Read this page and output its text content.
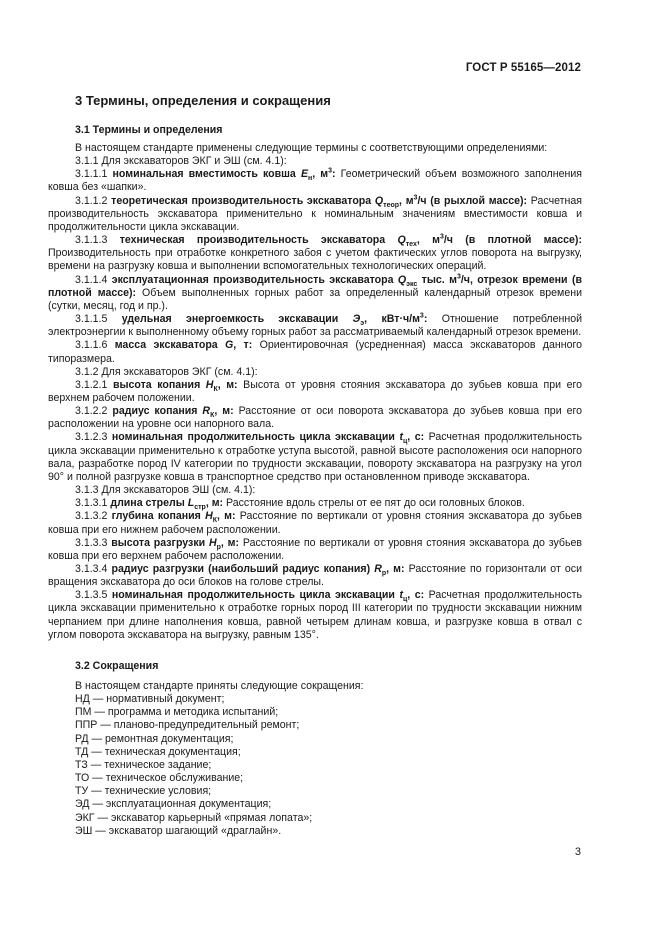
ГОСТ Р 55165—2012
3 Термины, определения и сокращения
3.1 Термины и определения

В настоящем стандарте применены следующие термины с соответствующими определениями:

3.1.1 Для экскаваторов ЭКГ и ЭШ (см. 4.1):

3.1.1.1 номинальная вместимость ковша $E_н$, $м^3$: Геометрический объем возможного заполнения ковша без «шапки».

3.1.1.2 теоретическая производительность экскаватора $Q_{теор}$, $м^3/ч$ (в рыхлой массе): Расчетная производительность экскаватора применительно к номинальным значениям вместимости ковша и продолжительности цикла экскавации.

3.1.1.3 техническая производительность экскаватора $Q_{тех}$, $м^3/ч$ (в плотной массе): Производительность при отработке конкретного забоя с учетом фактических углов поворота на выгрузку, времени на разгрузку ковша и выполнении вспомогательных технологических операций.

3.1.1.4 эксплуатационная производительность экскаватора $Q_{экс}$ тыс. $м^3/ч$, отрезок времени (в плотной массе): Объем выполненных горных работ за определенный календарный отрезок времени (сутки, месяц, год и пр.).

3.1.1.5 удельная энергоемкость экскавации $Э_э$, $кВт\cdot ч/м^3$: Отношение потребленной электроэнергии к выполненному объему горных работ за рассматриваемый календарный отрезок времени.

3.1.1.6 масса экскаватора G, т: Ориентировочная (усредненная) масса экскаваторов данного типоразмера.

3.1.2 Для экскаваторов ЭКГ (см. 4.1):

3.1.2.1 высота копания $H_К$, м: Высота от уровня стояния экскаватора до зубьев ковша при его верхнем рабочем положении.

3.1.2.2 радиус копания $R_К$, м: Расстояние от оси поворота экскаватора до зубьев ковша при его расположении на уровне оси напорного вала.

3.1.2.3 номинальная продолжительность цикла экскавации $t_ц$, с: Расчетная продолжительность цикла экскавации применительно к отработке уступа высотой, равной высоте расположения оси напорного вала, разработке пород IV категории по трудности экскавации, повороту экскаватора на разгрузку на угол 90° и полной разгрузке ковша в транспортное средство при остановленном приводе экскаватора.

3.1.3 Для экскаваторов ЭШ (см. 4.1):

3.1.3.1 длина стрелы $L_{стр}$, м: Расстояние вдоль стрелы от ее пят до оси головных блоков.

3.1.3.2 глубина копания $H_К$, м: Расстояние по вертикали от уровня стояния экскаватора до зубьев ковша при его нижнем рабочем расположении.

3.1.3.3 высота разгрузки $H_р$, м: Расстояние по вертикали от уровня стояния экскаватора до зубьев ковша при его верхнем рабочем расположении.

3.1.3.4 радиус разгрузки (наибольший радиус копания) $R_р$, м: Расстояние по горизонтали от оси вращения экскаватора до оси блоков на голове стрелы.

3.1.3.5 номинальная продолжительность цикла экскавации $t_ц$, с: Расчетная продолжительность цикла экскавации применительно к отработке горных пород III категории по трудности экскавации нижним черпанием при длине наполнения ковша, равной четырем длинам ковша, и разгрузке ковша в отвал с углом поворота экскаватора на выгрузку, равным 135°.

3.2 Сокращения

В настоящем стандарте приняты следующие сокращения:

НД — нормативный документ;
ПМ — программа и методика испытаний;
ППР — планово-предупредительный ремонт;
РД — ремонтная документация;
ТД — техническая документация;
ТЗ — техническое задание;
ТО — техническое обслуживание;
ТУ — технические условия;
ЭД — эксплуатационная документация;
ЭКГ — экскаватор карьерный «прямая лопата»;
ЭШ — экскаватор шагающий «драглайн».
3
